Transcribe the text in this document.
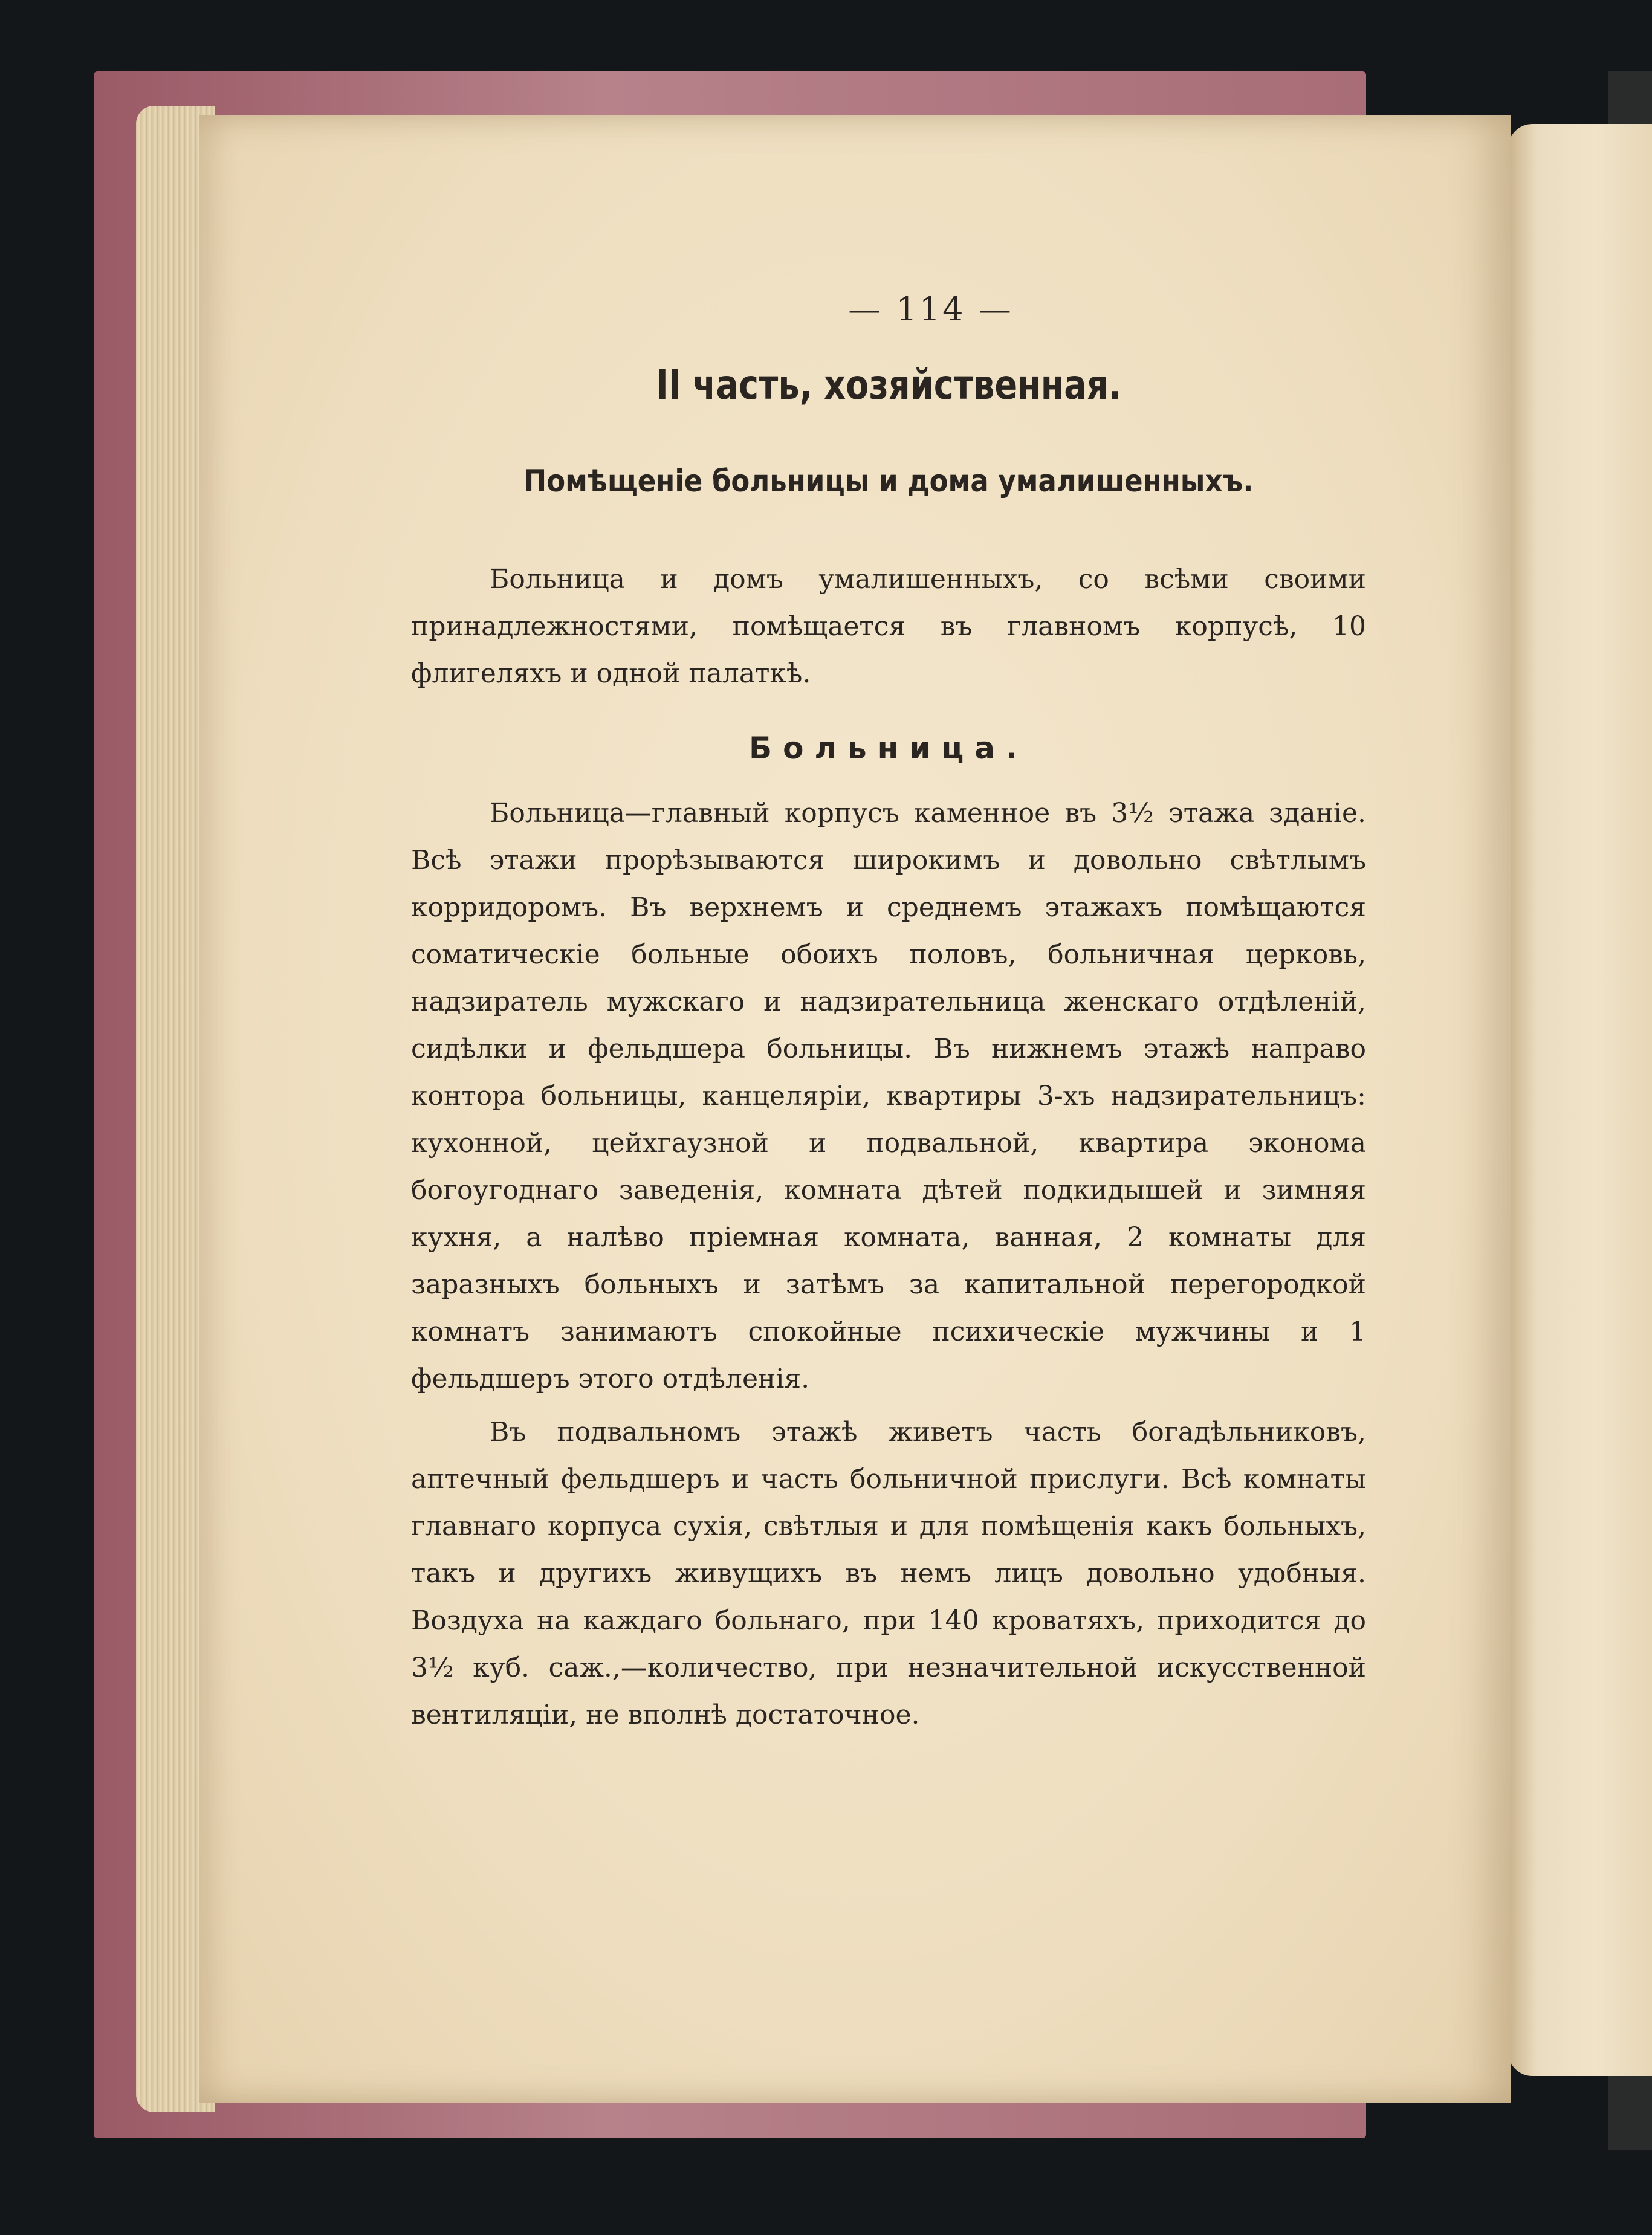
— 114 —
II часть, хозяйственная.
Помѣщеніе больницы и дома умалишенныхъ.

Больница и домъ умалишенныхъ, со всѣми своими принадлежностями, помѣщается въ главномъ корпусѣ, 10 флигеляхъ и одной палаткѣ.

Больница.

Больница—главный корпусъ каменное въ 3½ этажа зданіе. Всѣ этажи прорѣзываются широкимъ и довольно свѣтлымъ корридоромъ. Въ верхнемъ и среднемъ этажахъ помѣщаются соматическіе больные обоихъ половъ, больничная церковь, надзиратель мужскаго и надзирательница женскаго отдѣленій, сидѣлки и фельдшера больницы. Въ нижнемъ этажѣ направо контора больницы, канцеляріи, квартиры 3-хъ надзирательницъ: кухонной, цейхгаузной и подвальной, квартира эконома богоугоднаго заведенія, комната дѣтей подкидышей и зимняя кухня, а налѣво пріемная комната, ванная, 2 комнаты для заразныхъ больныхъ и затѣмъ за капитальной перегородкой комнатъ занимаютъ спокойные психическіе мужчины и 1 фельдшеръ этого отдѣленія.

Въ подвальномъ этажѣ живетъ часть богадѣльниковъ, аптечный фельдшеръ и часть больничной прислуги. Всѣ комнаты главнаго корпуса сухія, свѣтлыя и для помѣщенія какъ больныхъ, такъ и другихъ живущихъ въ немъ лицъ довольно удобныя. Воздуха на каждаго больнаго, при 140 кроватяхъ, приходится до 3½ куб. саж.,—количество, при незначительной искусственной вентиляціи, не вполнѣ достаточное.
